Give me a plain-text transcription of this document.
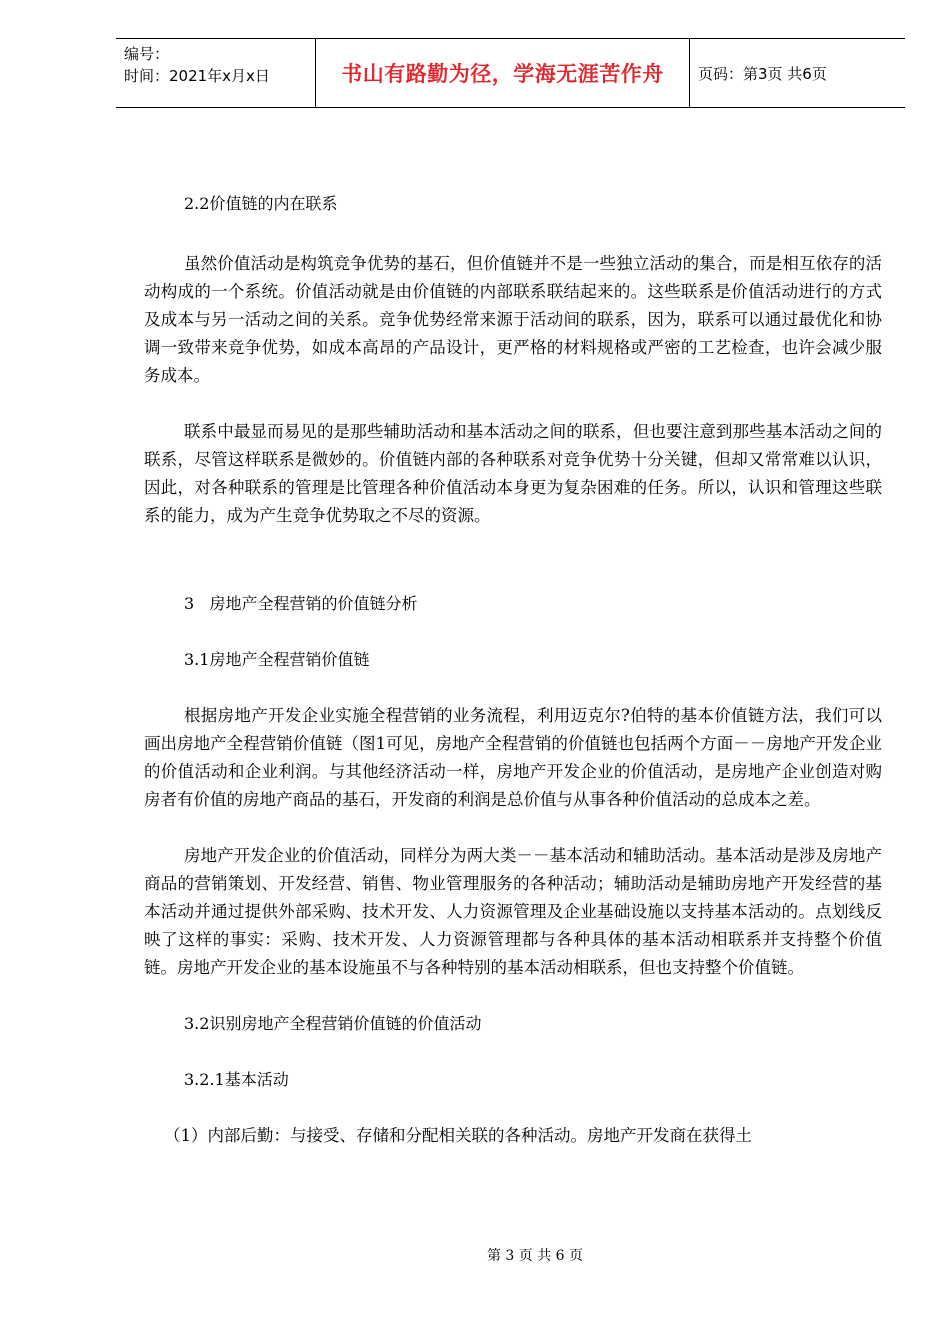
编号：
时间：2021年x月x日	书山有路勤为径，学海无涯苦作舟	页码：第3页 共6页

2.2价值链的内在联系

虽然价值活动是构筑竞争优势的基石，但价值链并不是一些独立活动的集合，而是相互依存的活动构成的一个系统。价值活动就是由价值链的内部联系联结起来的。这些联系是价值活动进行的方式及成本与另一活动之间的关系。竞争优势经常来源于活动间的联系，因为，联系可以通过最优化和协调一致带来竞争优势，如成本高昂的产品设计，更严格的材料规格或严密的工艺检查，也许会减少服务成本。

联系中最显而易见的是那些辅助活动和基本活动之间的联系，但也要注意到那些基本活动之间的联系，尽管这样联系是微妙的。价值链内部的各种联系对竞争优势十分关键，但却又常常难以认识，因此，对各种联系的管理是比管理各种价值活动本身更为复杂困难的任务。所以，认识和管理这些联系的能力，成为产生竞争优势取之不尽的资源。

3   房地产全程营销的价值链分析

3.1房地产全程营销价值链

根据房地产开发企业实施全程营销的业务流程，利用迈克尔?伯特的基本价值链方法，我们可以画出房地产全程营销价值链（图1可见，房地产全程营销的价值链也包括两个方面－－房地产开发企业的价值活动和企业利润。与其他经济活动一样，房地产开发企业的价值活动，是房地产企业创造对购房者有价值的房地产商品的基石，开发商的利润是总价值与从事各种价值活动的总成本之差。

房地产开发企业的价值活动，同样分为两大类－－基本活动和辅助活动。基本活动是涉及房地产商品的营销策划、开发经营、销售、物业管理服务的各种活动；辅助活动是辅助房地产开发经营的基本活动并通过提供外部采购、技术开发、人力资源管理及企业基础设施以支持基本活动的。点划线反映了这样的事实：采购、技术开发、人力资源管理都与各种具体的基本活动相联系并支持整个价值链。房地产开发企业的基本设施虽不与各种特别的基本活动相联系，但也支持整个价值链。

3.2识别房地产全程营销价值链的价值活动

3.2.1基本活动

（1）内部后勤：与接受、存储和分配相关联的各种活动。房地产开发商在获得土

第 3 页 共 6 页
